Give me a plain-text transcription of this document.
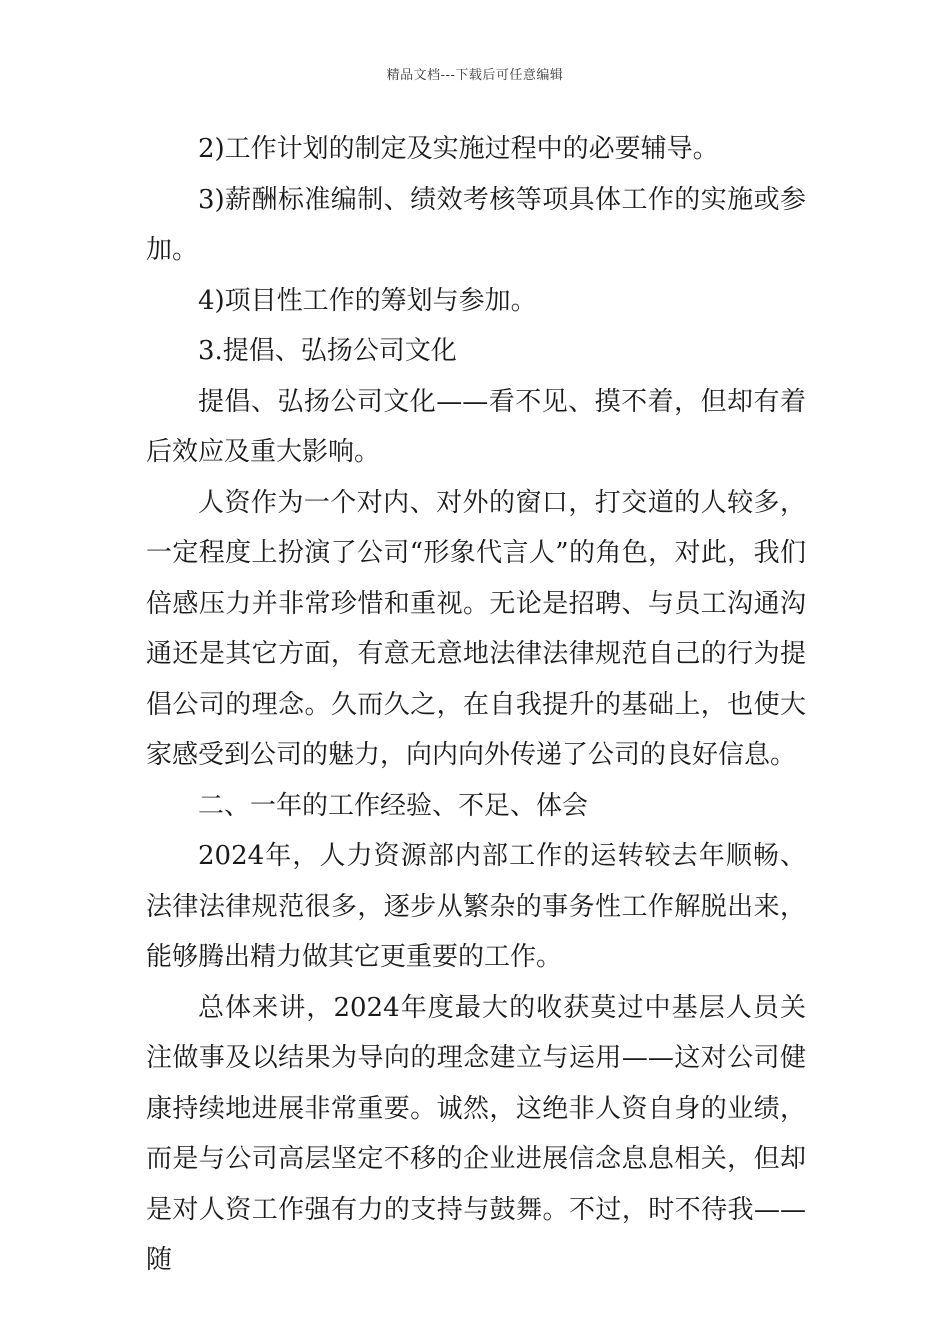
精品文档---下载后可任意编辑

2)工作计划的制定及实施过程中的必要辅导。

3)薪酬标准编制、绩效考核等项具体工作的实施或参加。

4)项目性工作的筹划与参加。

3.提倡、弘扬公司文化

提倡、弘扬公司文化——看不见、摸不着，但却有着后效应及重大影响。

人资作为一个对内、对外的窗口，打交道的人较多，一定程度上扮演了公司“形象代言人”的角色，对此，我们倍感压力并非常珍惜和重视。无论是招聘、与员工沟通沟通还是其它方面，有意无意地法律法律规范自己的行为提倡公司的理念。久而久之，在自我提升的基础上，也使大家感受到公司的魅力，向内向外传递了公司的良好信息。

二、一年的工作经验、不足、体会

2024年，人力资源部内部工作的运转较去年顺畅、法律法律规范很多，逐步从繁杂的事务性工作解脱出来，能够腾出精力做其它更重要的工作。

总体来讲，2024年度最大的收获莫过中基层人员关注做事及以结果为导向的理念建立与运用——这对公司健康持续地进展非常重要。诚然，这绝非人资自身的业绩，而是与公司高层坚定不移的企业进展信念息息相关，但却是对人资工作强有力的支持与鼓舞。不过，时不待我——随
